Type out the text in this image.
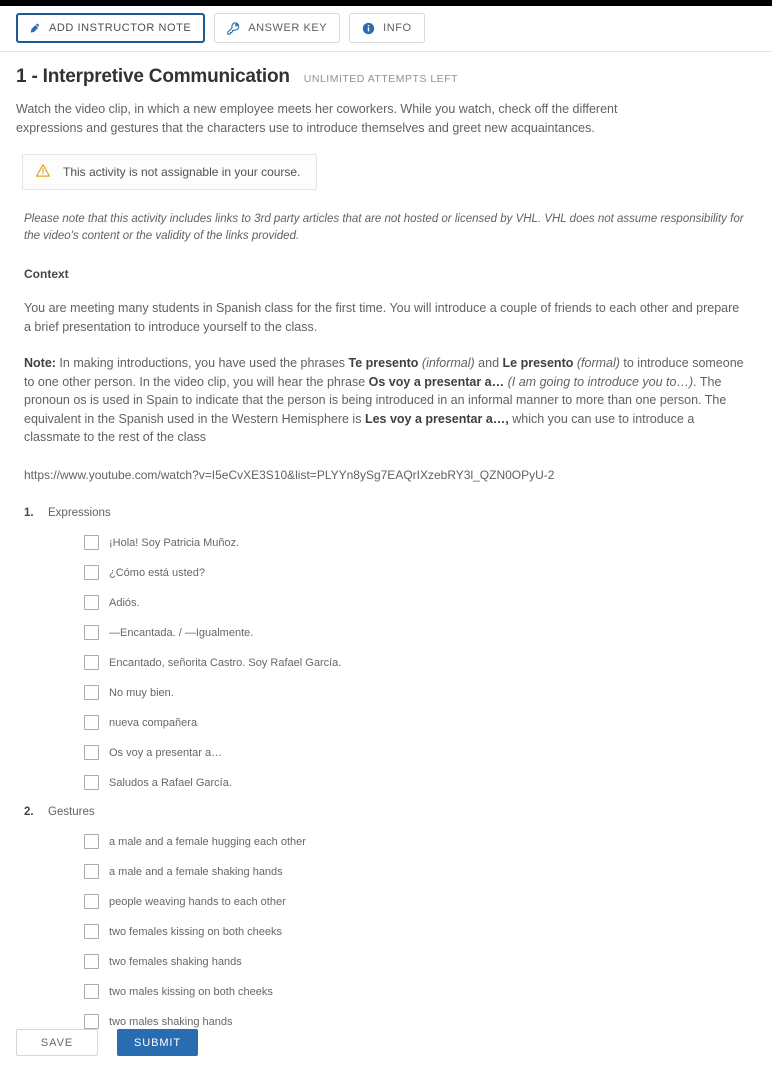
ADD INSTRUCTOR NOTE	ANSWER KEY	INFO
1 - Interpretive Communication UNLIMITED ATTEMPTS LEFT

Watch the video clip, in which a new employee meets her coworkers. While you watch, check off the different expressions and gestures that the characters use to introduce themselves and greet new acquaintances.

This activity is not assignable in your course.

Please note that this activity includes links to 3rd party articles that are not hosted or licensed by VHL. VHL does not assume responsibility for the video's content or the validity of the links provided.

Context

You are meeting many students in Spanish class for the first time. You will introduce a couple of friends to each other and prepare a brief presentation to introduce yourself to the class.

Note: In making introductions, you have used the phrases Te presento (informal) and Le presento (formal) to introduce someone to one other person. In the video clip, you will hear the phrase Os voy a presentar a… (I am going to introduce you to…). The pronoun os is used in Spain to indicate that the person is being introduced in an informal manner to more than one person. The equivalent in the Spanish used in the Western Hemisphere is Les voy a presentar a…, which you can use to introduce a classmate to the rest of the class

https://www.youtube.com/watch?v=I5eCvXE3S10&list=PLYYn8ySg7EAQrIXzebRY3l_QZN0OPyU-2
1.	Expressions
¡Hola! Soy Patricia Muñoz.
¿Cómo está usted?
Adiós.
—Encantada. / —Igualmente.
Encantado, señorita Castro. Soy Rafael García.
No muy bien.
nueva compañera
Os voy a presentar a…
Saludos a Rafael García.
2.	Gestures
a male and a female hugging each other
a male and a female shaking hands
people weaving hands to each other
two females kissing on both cheeks
two females shaking hands
two males kissing on both cheeks
two males shaking hands
SAVE	SUBMIT
